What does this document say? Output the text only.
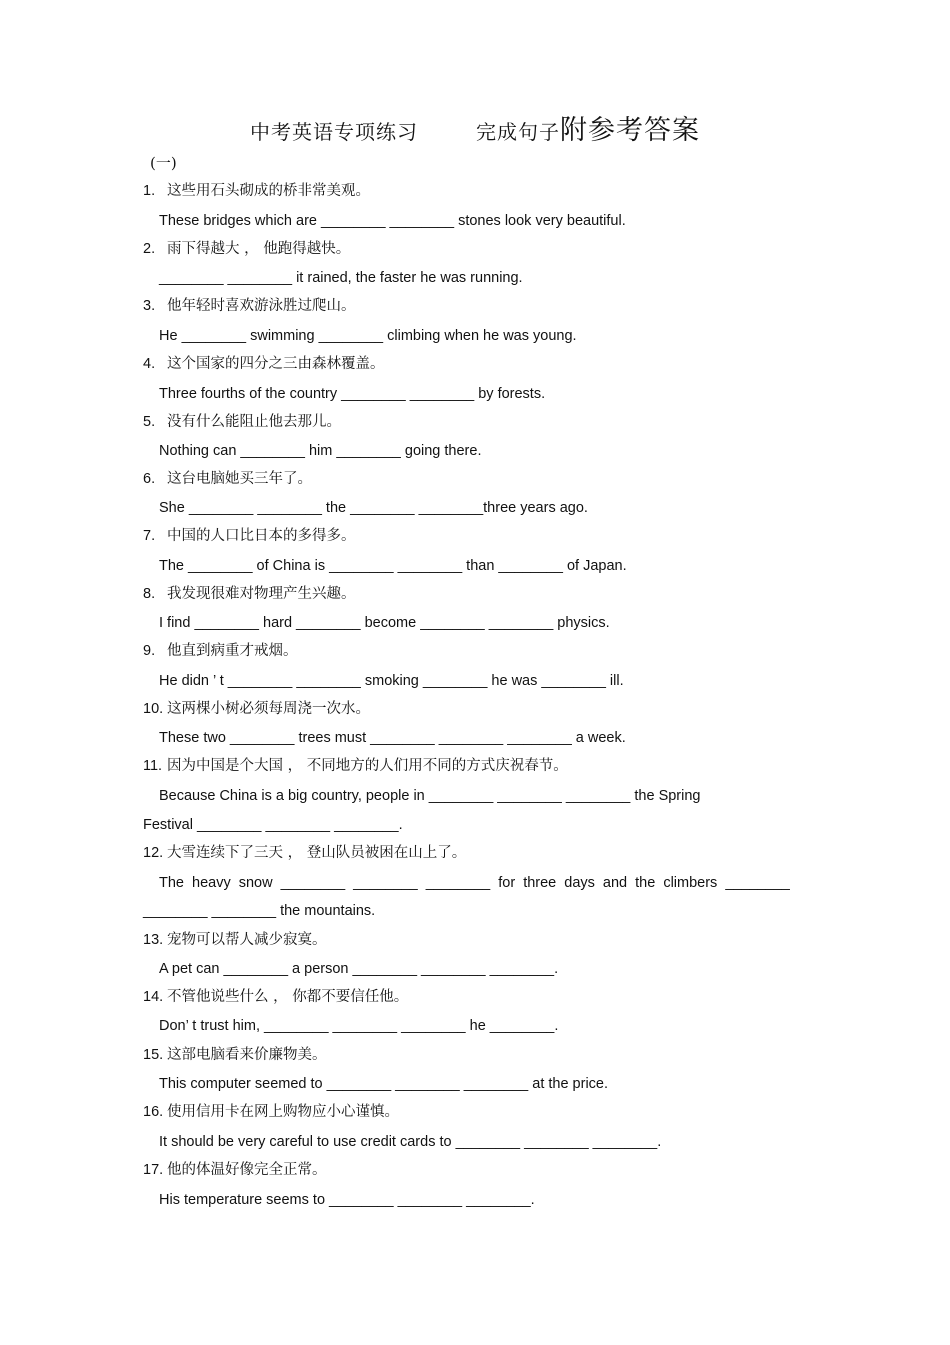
中考英语专项练习	完成句子附参考答案
(一)
1. 这些用石头砌成的桥非常美观。
These bridges which are ________ ________ stones look very beautiful.
2. 雨下得越大 ， 他跑得越快。
________ ________ it rained, the faster he was running.
3. 他年轻时喜欢游泳胜过爬山。
He ________ swimming ________ climbing when he was young.
4. 这个国家的四分之三由森林覆盖。
Three fourths of the country ________ ________ by forests.
5. 没有什么能阻止他去那儿。
Nothing can ________ him ________ going there.
6. 这台电脑她买三年了。
She ________ ________ the ________ ________three years ago.
7. 中国的人口比日本的多得多。
The ________ of China is ________ ________ than ________ of Japan.
8. 我发现很难对物理产生兴趣。
I find ________ hard ________ become ________ ________ physics.
9. 他直到病重才戒烟。
He didn ’ t ________ ________ smoking ________ he was ________ ill.
10. 这两棵小树必须每周浇一次水。
These two ________ trees must ________ ________ ________ a week.
11. 因为中国是个大国 ， 不同地方的人们用不同的方式庆祝春节。
Because China is a big country, people in ________ ________ ________ the Spring
Festival ________ ________ ________.
12. 大雪连续下了三天 ， 登山队员被困在山上了。
The heavy snow ________ ________ ________ for three days and the climbers ________
________ ________ the mountains.
13. 宠物可以帮人减少寂寞。
A pet can ________ a person ________ ________ ________.
14. 不管他说些什么 ， 你都不要信任他。
Don’ t trust him, ________ ________ ________ he ________.
15. 这部电脑看来价廉物美。
This computer seemed to ________ ________ ________ at the price.
16. 使用信用卡在网上购物应小心谨慎。
It should be very careful to use credit cards to ________ ________ ________.
17. 他的体温好像完全正常。
His temperature seems to ________ ________ ________.
